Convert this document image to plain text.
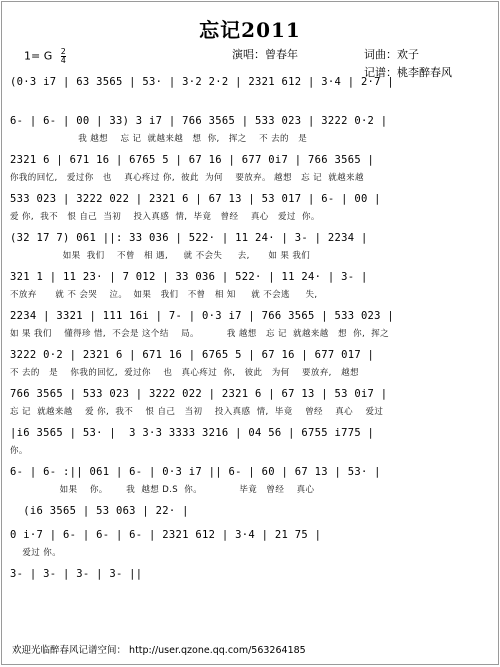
忘记2011
1= G $\frac{2}{4}$	演唱：曾春年	词曲：欢子
记谱：桃李醉春风
(0·3 i7 | 63 3565 | 53· | 3·2 2·2 | 2321 612 | 3·4 | 2·7 |
6- | 6- | 00 | 33) 3 i7 | 766 3565 | 533 023 | 3222 0·2 |
我 越想    忘 记  就越来越   想  你,   挥之    不 去的   是
2321 6 | 671 16 | 6765 5 | 67 16 | 677 0i7 | 766 3565 |
你我的回忆,   爱过你   也    真心疼过 你,  彼此  为何    要放弃。 越想   忘 记  就越来越
533 023 | 3222 022 | 2321 6 | 67 13 | 53 017 | 6- | 00 |
爱 你,  我不   恨 自己  当初    投入真感  情,  毕竟   曾经    真心   爱过  你。
(32 17 7) 061 ||: 33 036 | 522· | 11 24· | 3- | 2234 |
如果  我们    不曾   相 遇,     就 不会失     去,      如 果 我们
321 1 | 11 23· | 7 012 | 33 036 | 522· | 11 24· | 3- |
不放弃      就 不 会哭    泣。  如果   我们   不曾   相 知     就 不会逃     失,
2234 | 3321 | 111 16i | 7- | 0·3 i7 | 766 3565 | 533 023 |
如 果 我们    懂得珍 惜,  不会是 这个结    局。         我 越想   忘 记  就越来越   想  你,  挥之
3222 0·2 | 2321 6 | 671 16 | 6765 5 | 67 16 | 677 017 |
不 去的   是    你我的回忆,  爱过你    也   真心疼过  你,   彼此   为何    要放弃,   越想
766 3565 | 533 023 | 3222 022 | 2321 6 | 67 13 | 53 0i7 |
忘 记  就越来越    爱 你,  我不    恨 自己   当初    投入真感  情,  毕竟    曾经    真心    爱过
|i6 3565 | 53· |  3 3·3 3333 3216 | 04 56 | 6755 i775 |
你。
6- | 6- :|| 061 | 6- | 0·3 i7 || 6- | 60 | 67 13 | 53· |
如果    你。      我  越想 D.S  你。            毕竟   曾经    真心
(i6 3565 | 53 063 | 22· |
0 i·7 | 6- | 6- | 6- | 2321 612 | 3·4 | 21 75 |
爱过 你。
3- | 3- | 3- | 3- ||
欢迎光临醉春风记谱空间： http://user.qzone.qq.com/563264185
